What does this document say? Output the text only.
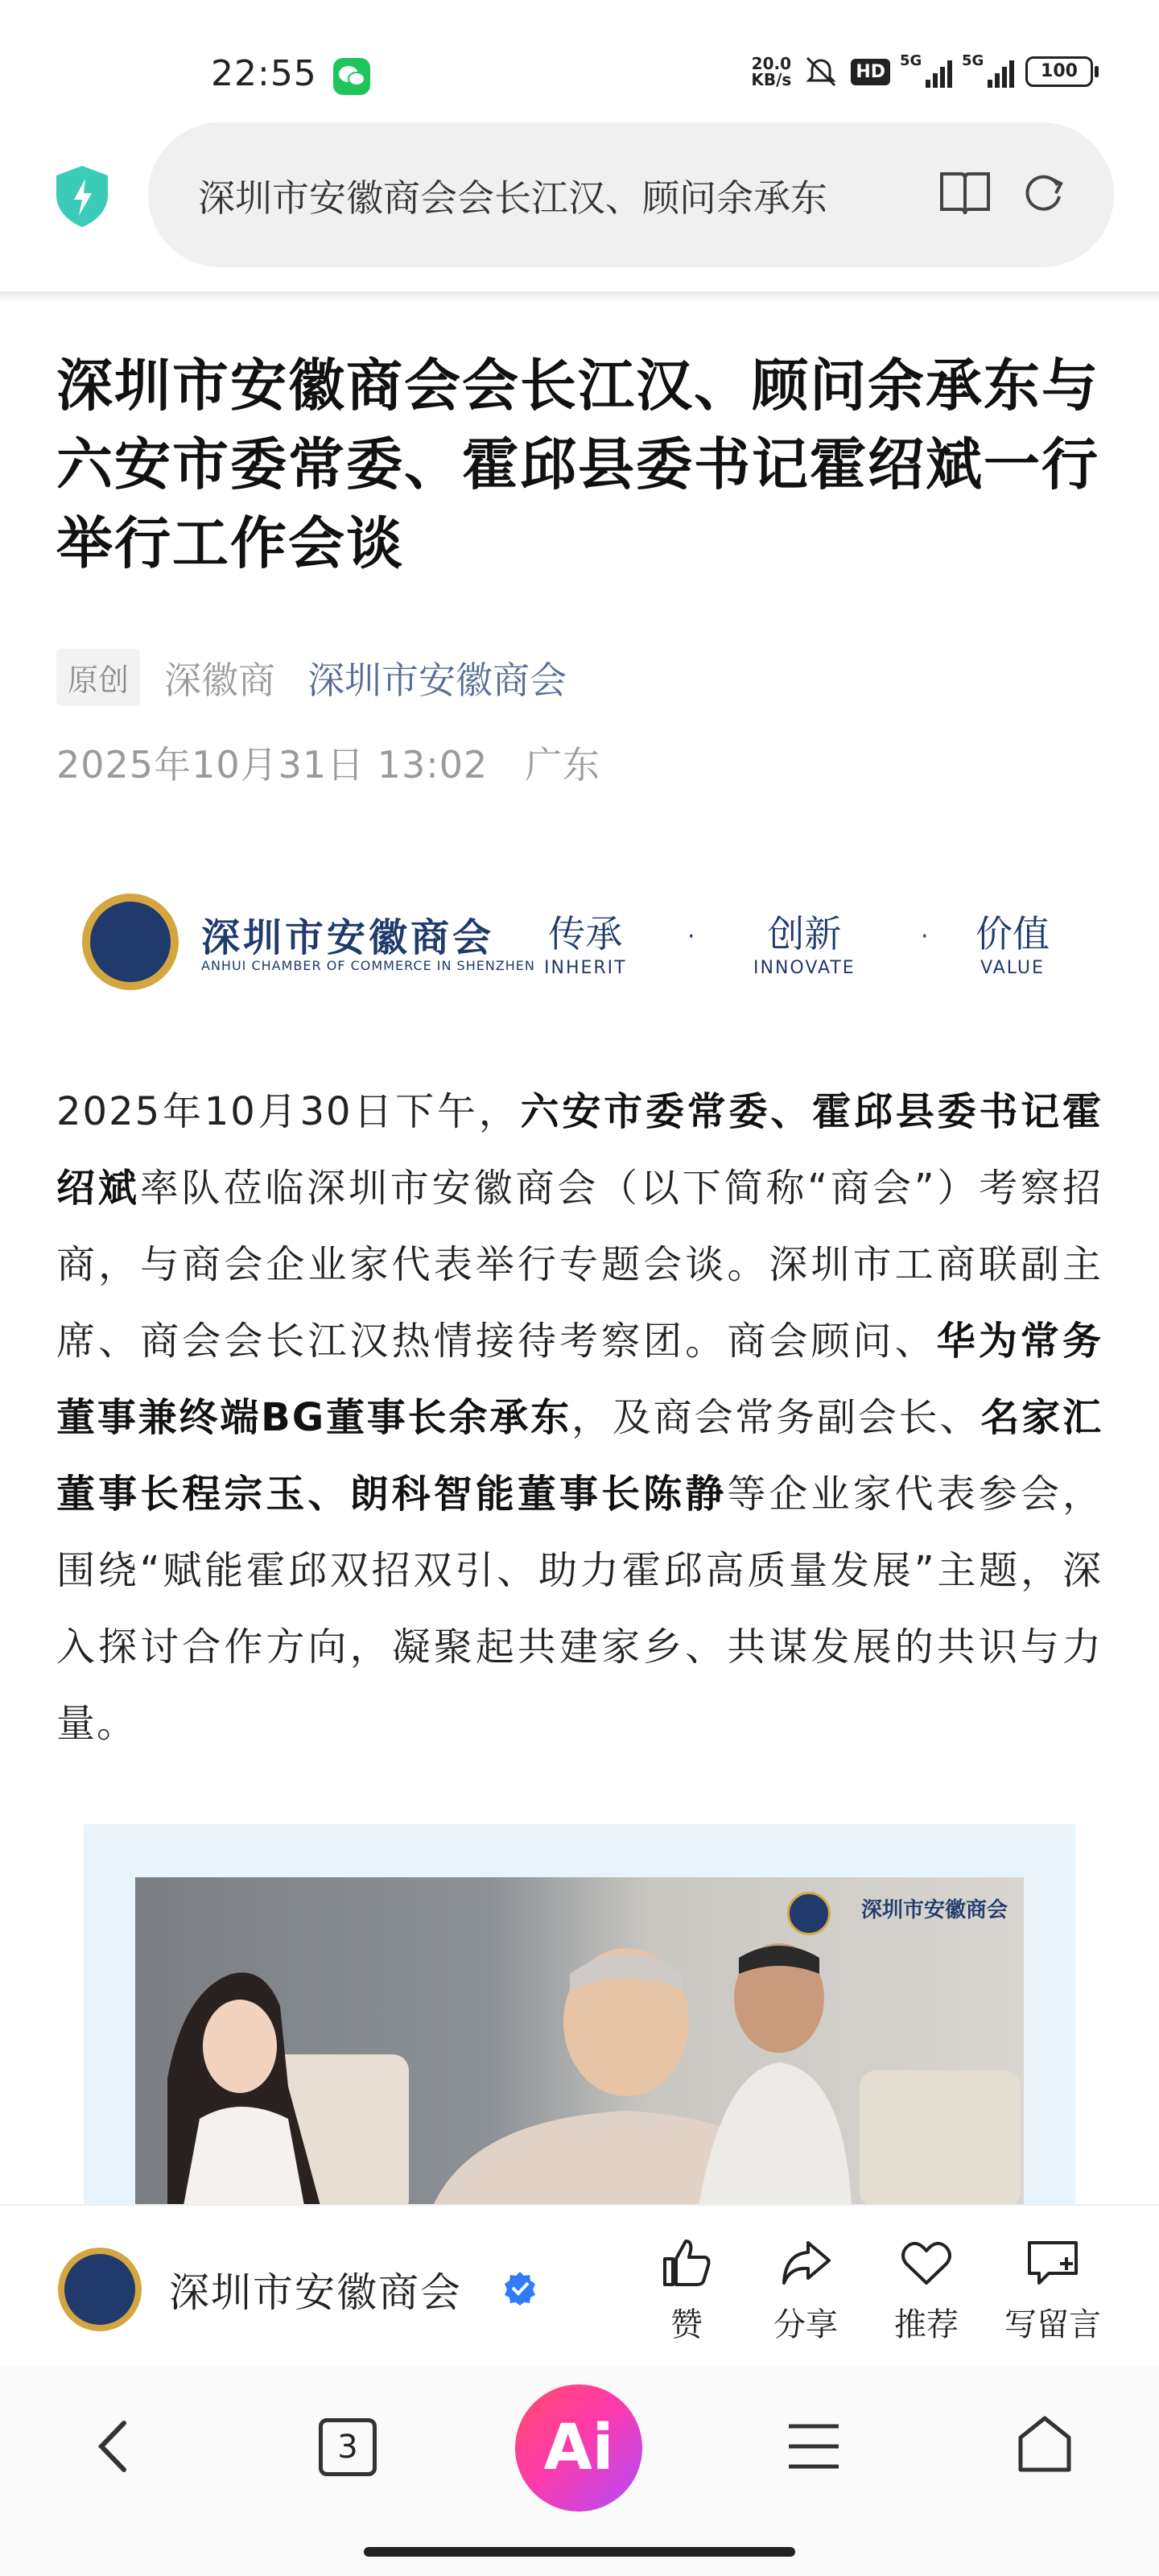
22:55	20.0
KB/s	HD
5G	5G
100
深圳市安徽商会会长江汉、顾问余承东
深圳市安徽商会会长江汉、顾问余承东与六安市委常委、霍邱县委书记霍绍斌一行举行工作会谈
原创 深徽商 深圳市安徽商会
2025年10月31日 13:02 广东
深圳市安徽商会
ANHUI CHAMBER OF COMMERCE IN SHENZHEN
传承
INHERIT
·	创新
INNOVATE
· 价值
VALUE
2025年10月30日下午，六安市委常委、霍邱县委书记霍绍斌率队莅临深圳市安徽商会（以下简称“商会”）考察招商，与商会企业家代表举行专题会谈。深圳市工商联副主席、商会会长江汉热情接待考察团。商会顾问、华为常务董事兼终端BG董事长余承东，及商会常务副会长、名家汇董事长程宗玉、朗科智能董事长陈静等企业家代表参会，围绕“赋能霍邱双招双引、助力霍邱高质量发展”主题，深入探讨合作方向，凝聚起共建家乡、共谋发展的共识与力量。
深圳市安徽商会
深圳市安徽商会
赞	分享	推荐	写留言
3	Ai
